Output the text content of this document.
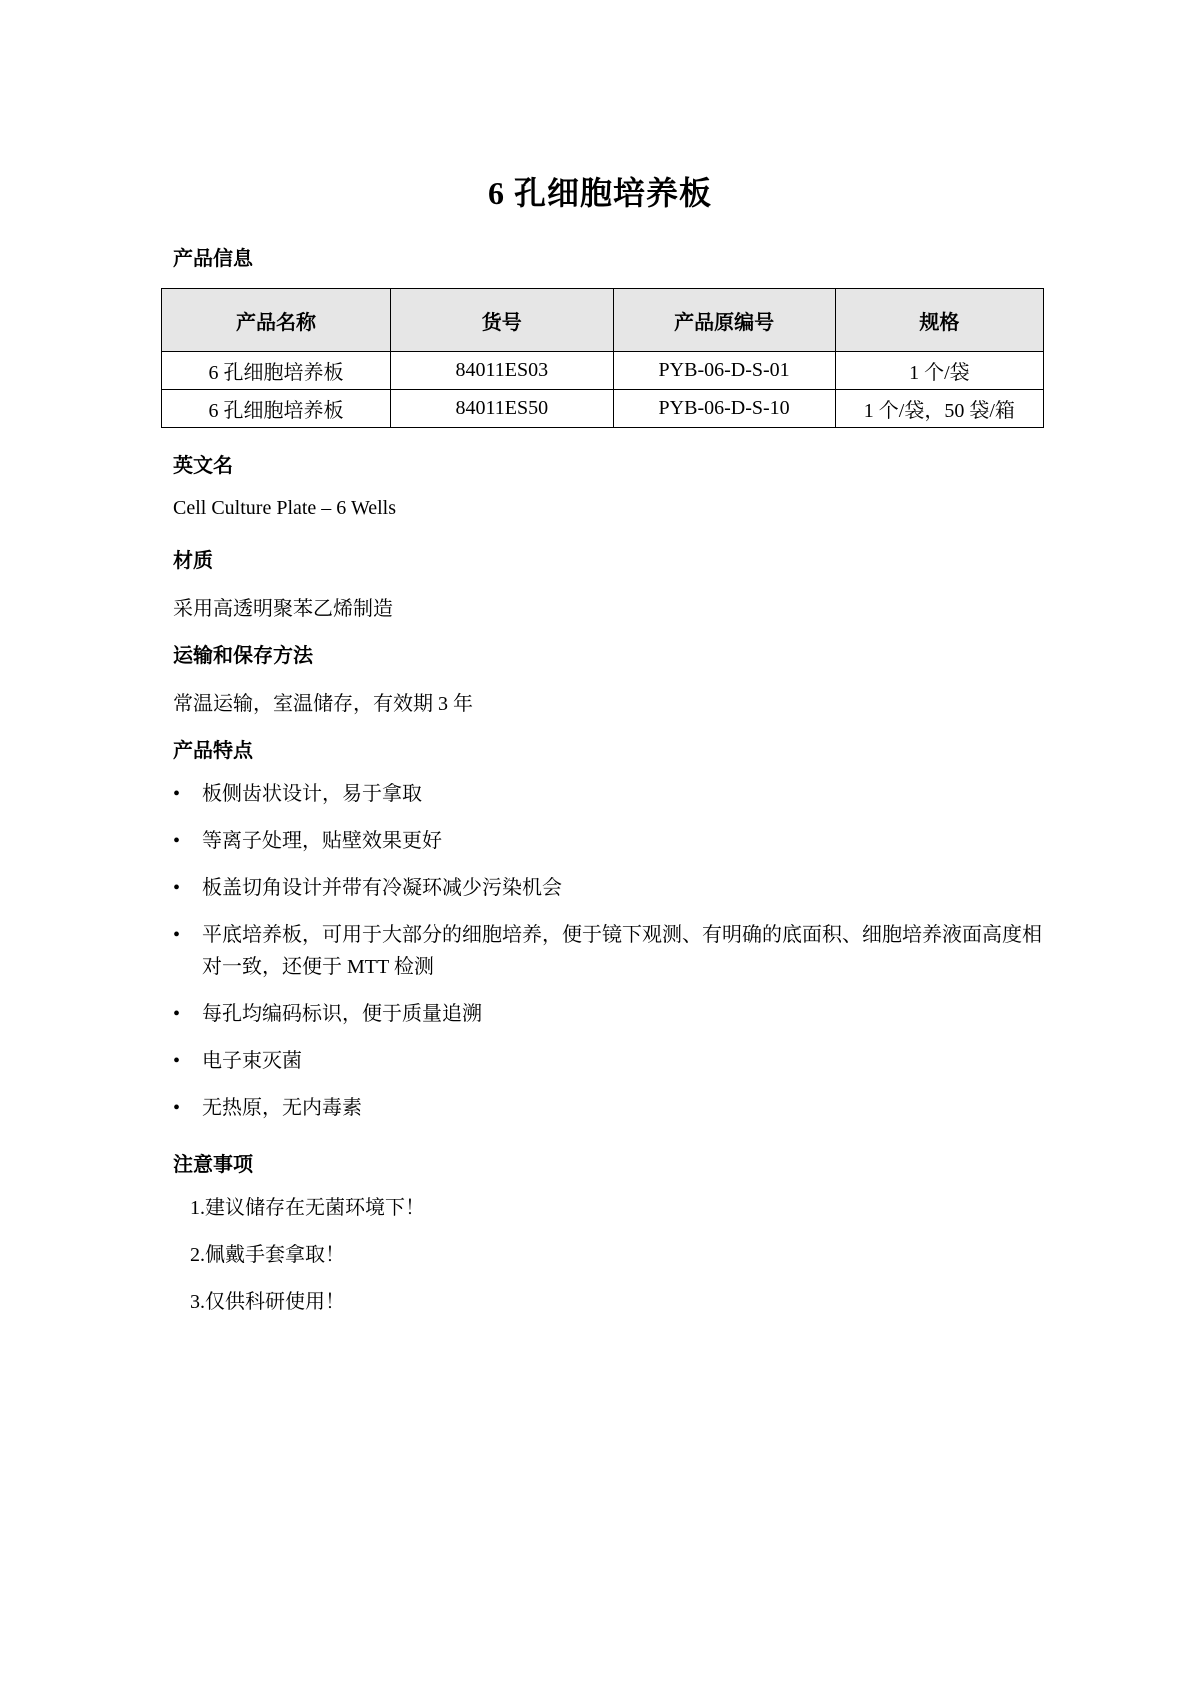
6 孔细胞培养板
产品信息
产品名称	货号	产品原编号	规格
6 孔细胞培养板	84011ES03	PYB-06-D-S-01	1 个/袋
6 孔细胞培养板	84011ES50	PYB-06-D-S-10	1 个/袋，50 袋/箱
英文名
Cell Culture Plate – 6 Wells
材质
采用高透明聚苯乙烯制造
运输和保存方法
常温运输，室温储存，有效期 3 年
产品特点
• 板侧齿状设计，易于拿取
• 等离子处理，贴壁效果更好
• 板盖切角设计并带有冷凝环减少污染机会
• 平底培养板，可用于大部分的细胞培养，便于镜下观测、有明确的底面积、细胞培养液面高度相对一致，还便于 MTT 检测
• 每孔均编码标识，便于质量追溯
• 电子束灭菌
• 无热原，无内毒素
注意事项
1.建议储存在无菌环境下！
2.佩戴手套拿取！
3.仅供科研使用！
